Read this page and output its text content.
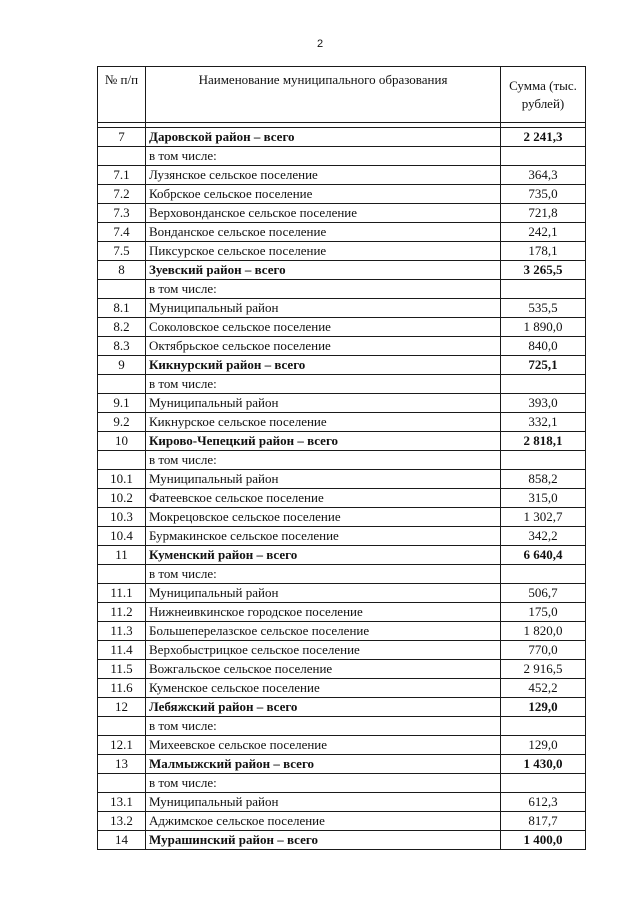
2
№ п/п	Наименование муниципального образования	Сумма (тыс. рублей)

7	Даровской район – всего	2 241,3
	в том числе:	
7.1	Лузянское сельское поселение	364,3
7.2	Кобрское сельское поселение	735,0
7.3	Верховонданское сельское поселение	721,8
7.4	Вонданское сельское поселение	242,1
7.5	Пикcурское сельское поселение	178,1
8	Зуевский район – всего	3 265,5
	в том числе:	
8.1	Муниципальный район	535,5
8.2	Соколовское сельское поселение	1 890,0
8.3	Октябрьское сельское поселение	840,0
9	Кикнурский район – всего	725,1
	в том числе:	
9.1	Муниципальный район	393,0
9.2	Кикнурское сельское поселение	332,1
10	Кирово-Чепецкий район – всего	2 818,1
	в том числе:	
10.1	Муниципальный район	858,2
10.2	Фатеевское сельское поселение	315,0
10.3	Мокрецовское сельское поселение	1 302,7
10.4	Бурмакинское сельское поселение	342,2
11	Куменский район – всего	6 640,4
	в том числе:	
11.1	Муниципальный район	506,7
11.2	Нижнеивкинское городское поселение	175,0
11.3	Большеперелазское сельское поселение	1 820,0
11.4	Верхобыстрицкое сельское поселение	770,0
11.5	Вожгальское сельское поселение	2 916,5
11.6	Куменское сельское поселение	452,2
12	Лебяжский район – всего	129,0
	в том числе:	
12.1	Михеевское сельское поселение	129,0
13	Малмыжский район – всего	1 430,0
	в том числе:	
13.1	Муниципальный район	612,3
13.2	Аджимское сельское поселение	817,7
14	Мурашинский район – всего	1 400,0
